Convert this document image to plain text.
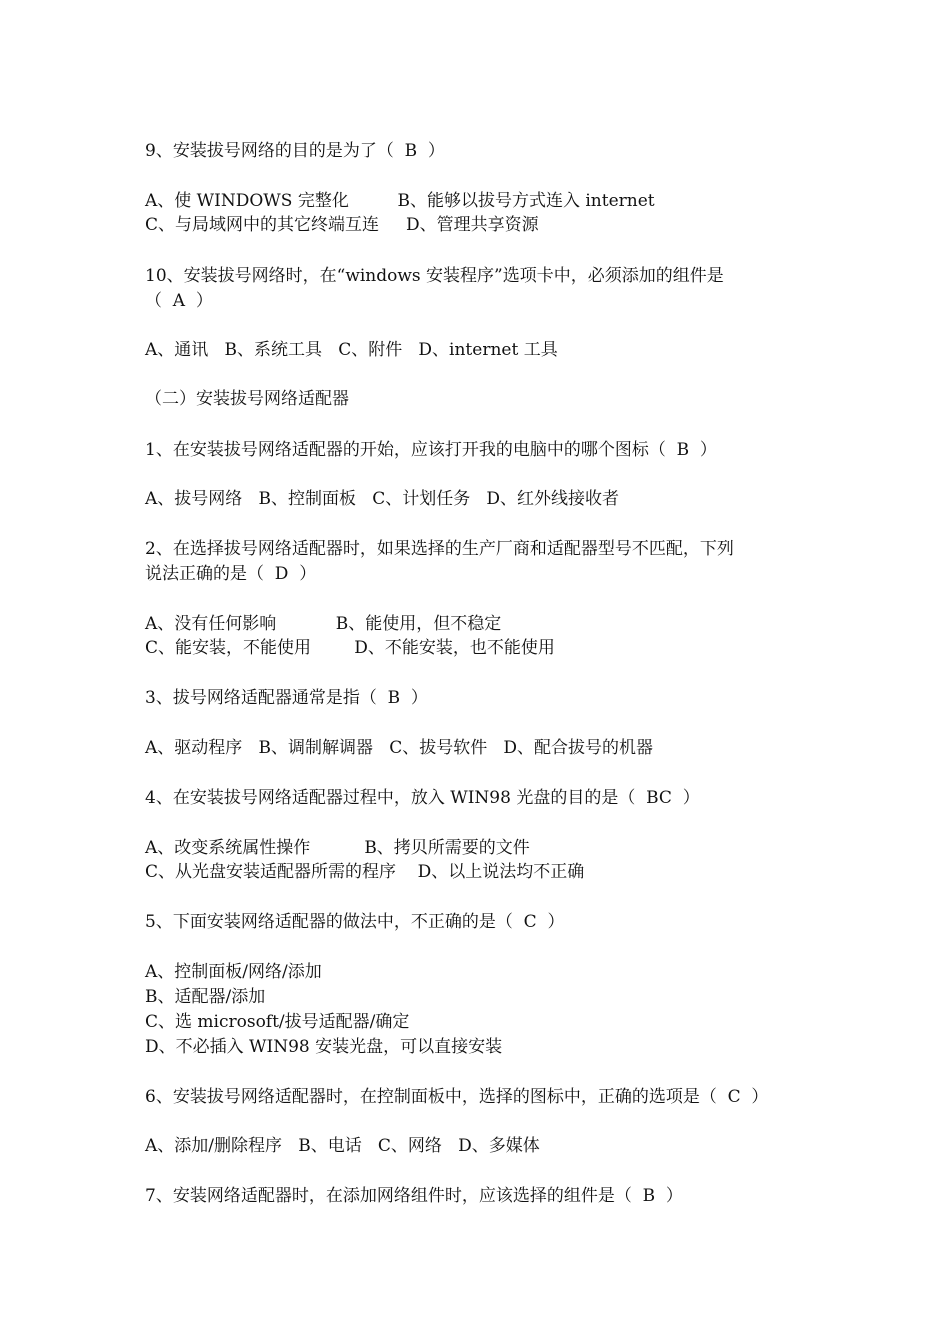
9、安装拔号网络的目的是为了（  B  ）
A、使 WINDOWS 完整化         B、能够以拔号方式连入 internet
C、与局域网中的其它终端互连     D、管理共享资源
10、安装拔号网络时，在“windows 安装程序”选项卡中，必须添加的组件是
（  A  ）
A、通讯   B、系统工具   C、附件   D、internet 工具
（二）安装拔号网络适配器
1、在安装拔号网络适配器的开始，应该打开我的电脑中的哪个图标（  B  ）
A、拔号网络   B、控制面板   C、计划任务   D、红外线接收者
2、在选择拔号网络适配器时，如果选择的生产厂商和适配器型号不匹配，下列
说法正确的是（  D  ）
A、没有任何影响           B、能使用，但不稳定
C、能安装，不能使用        D、不能安装，也不能使用
3、拔号网络适配器通常是指（  B  ）
A、驱动程序   B、调制解调器   C、拔号软件   D、配合拔号的机器
4、在安装拔号网络适配器过程中，放入 WIN98 光盘的目的是（  BC  ）
A、改变系统属性操作          B、拷贝所需要的文件
C、从光盘安装适配器所需的程序    D、以上说法均不正确
5、下面安装网络适配器的做法中，不正确的是（  C  ）
A、控制面板/网络/添加
B、适配器/添加
C、选 microsoft/拔号适配器/确定
D、不必插入 WIN98 安装光盘，可以直接安装
6、安装拔号网络适配器时，在控制面板中，选择的图标中，正确的选项是（  C  ）
A、添加/删除程序   B、电话   C、网络   D、多媒体
7、安装网络适配器时，在添加网络组件时，应该选择的组件是（  B  ）
